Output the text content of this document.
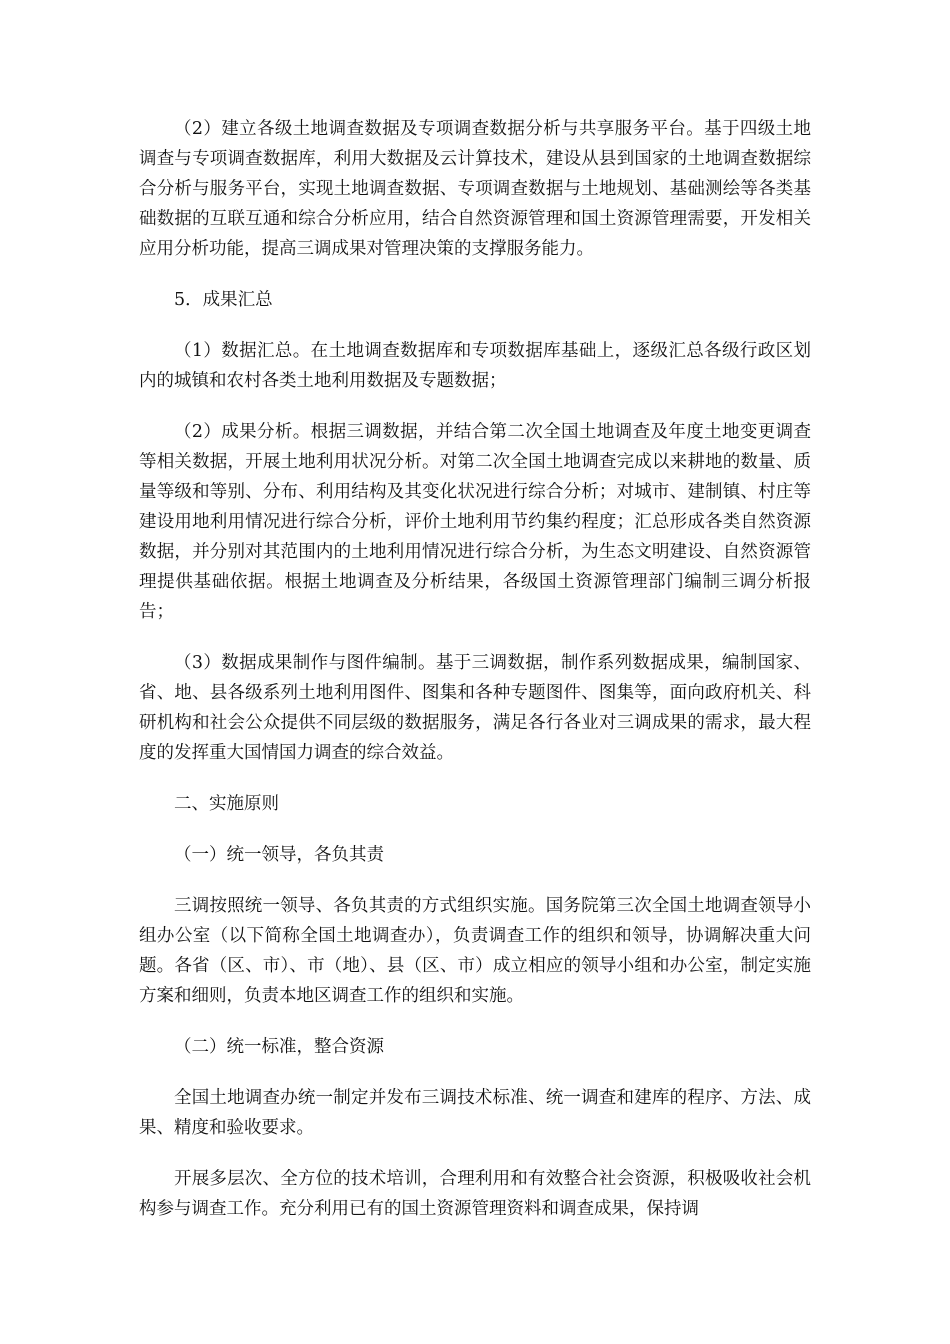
（2）建立各级土地调查数据及专项调查数据分析与共享服务平台。基于四级土地调查与专项调查数据库，利用大数据及云计算技术，建设从县到国家的土地调查数据综合分析与服务平台，实现土地调查数据、专项调查数据与土地规划、基础测绘等各类基础数据的互联互通和综合分析应用，结合自然资源管理和国土资源管理需要，开发相关应用分析功能，提高三调成果对管理决策的支撑服务能力。

5．成果汇总

（1）数据汇总。在土地调查数据库和专项数据库基础上，逐级汇总各级行政区划内的城镇和农村各类土地利用数据及专题数据；

（2）成果分析。根据三调数据，并结合第二次全国土地调查及年度土地变更调查等相关数据，开展土地利用状况分析。对第二次全国土地调查完成以来耕地的数量、质量等级和等别、分布、利用结构及其变化状况进行综合分析；对城市、建制镇、村庄等建设用地利用情况进行综合分析，评价土地利用节约集约程度；汇总形成各类自然资源数据，并分别对其范围内的土地利用情况进行综合分析，为生态文明建设、自然资源管理提供基础依据。根据土地调查及分析结果，各级国土资源管理部门编制三调分析报告；

（3）数据成果制作与图件编制。基于三调数据，制作系列数据成果，编制国家、省、地、县各级系列土地利用图件、图集和各种专题图件、图集等，面向政府机关、科研机构和社会公众提供不同层级的数据服务，满足各行各业对三调成果的需求，最大程度的发挥重大国情国力调查的综合效益。

二、实施原则

（一）统一领导，各负其责

三调按照统一领导、各负其责的方式组织实施。国务院第三次全国土地调查领导小组办公室（以下简称全国土地调查办），负责调查工作的组织和领导，协调解决重大问题。各省（区、市）、市（地）、县（区、市）成立相应的领导小组和办公室，制定实施方案和细则，负责本地区调查工作的组织和实施。

（二）统一标准，整合资源

全国土地调查办统一制定并发布三调技术标准、统一调查和建库的程序、方法、成果、精度和验收要求。

开展多层次、全方位的技术培训，合理利用和有效整合社会资源，积极吸收社会机构参与调查工作。充分利用已有的国土资源管理资料和调查成果，保持调
